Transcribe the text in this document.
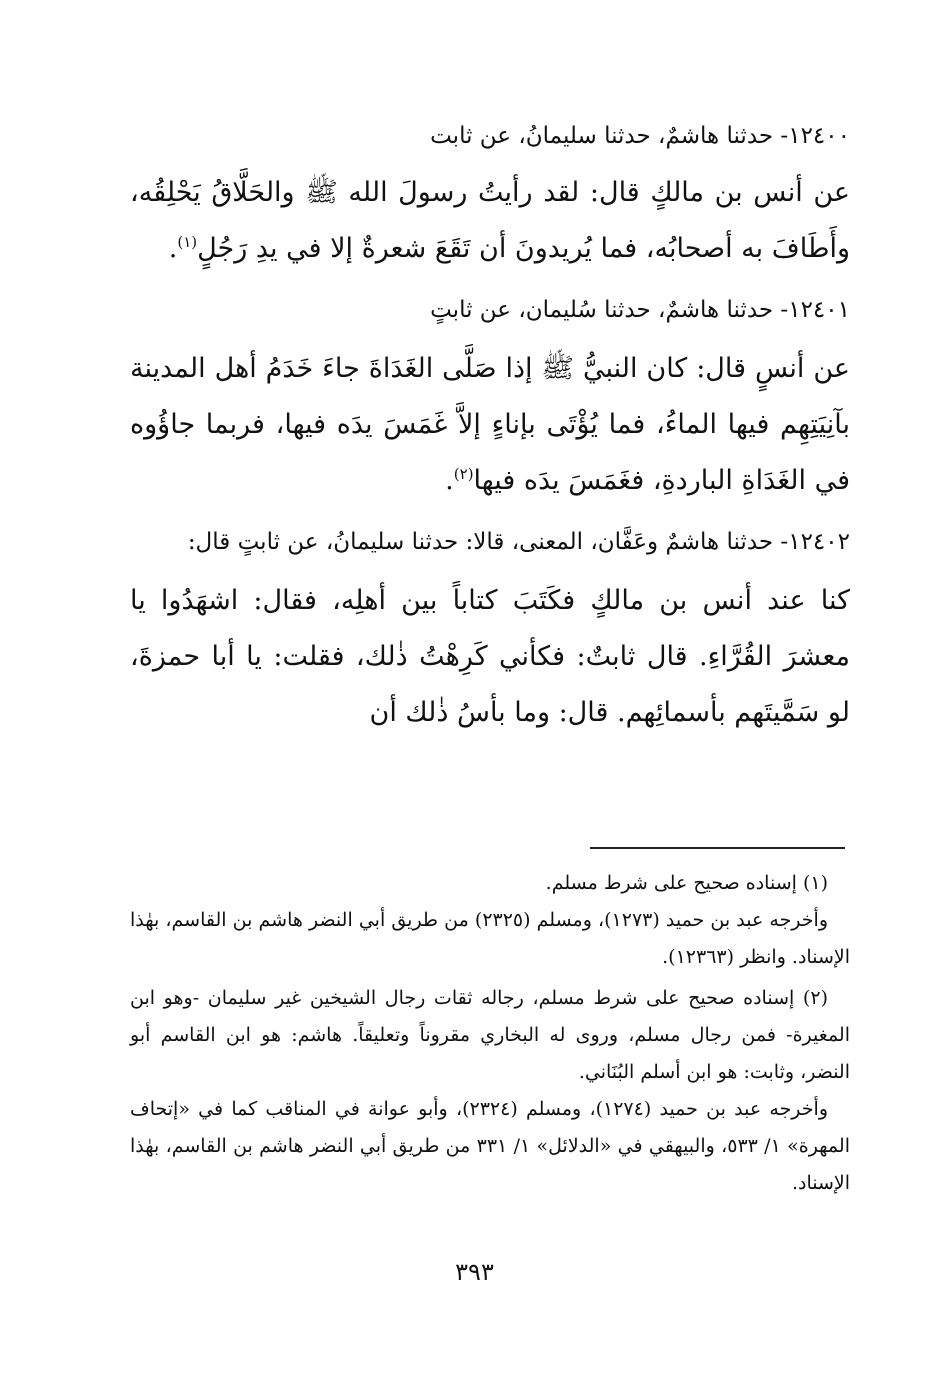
١٢٤٠٠- حدثنا هاشمٌ، حدثنا سليمانُ، عن ثابت

عن أنس بن مالكٍ قال: لقد رأيتُ رسولَ الله ﷺ والحَلَّاقُ يَحْلِقُه، وأَطَافَ به أصحابُه، فما يُريدونَ أن تَقَعَ شعرةٌ إلا في يدِ رَجُلٍ$^{(١)}$.

١٢٤٠١- حدثنا هاشمٌ، حدثنا سُليمان، عن ثابتٍ

عن أنسٍ قال: كان النبيُّ ﷺ إذا صَلَّى الغَدَاةَ جاءَ خَدَمُ أهل المدينة بآنِيَتِهِم فيها الماءُ، فما يُؤْتَى بإناءٍ إلاَّ غَمَسَ يدَه فيها، فربما جاؤُوه في الغَدَاةِ الباردةِ، فغَمَسَ يدَه فيها$^{(٢)}$.

١٢٤٠٢- حدثنا هاشمٌ وعَفَّان، المعنى، قالا: حدثنا سليمانُ، عن ثابتٍ قال:

كنا عند أنس بن مالكٍ فكَتَبَ كتاباً بين أهلِه، فقال: اشهَدُوا يا معشرَ القُرَّاءِ. قال ثابتٌ: فكأني كَرِهْتُ ذٰلك، فقلت: يا أبا حمزةَ، لو سَمَّيتَهم بأسمائِهم. قال: وما بأسُ ذٰلك أن

(١) إسناده صحيح على شرط مسلم.

وأخرجه عبد بن حميد (١٢٧٣)، ومسلم (٢٣٢٥) من طريق أبي النضر هاشم بن القاسم، بهٰذا الإسناد. وانظر (١٢٣٦٣).

(٢) إسناده صحيح على شرط مسلم، رجاله ثقات رجال الشيخين غير سليمان -وهو ابن المغيرة- فمن رجال مسلم، وروى له البخاري مقروناً وتعليقاً. هاشم: هو ابن القاسم أبو النضر، وثابت: هو ابن أسلم البُنَاني.

وأخرجه عبد بن حميد (١٢٧٤)، ومسلم (٢٣٢٤)، وأبو عوانة في المناقب كما في «إتحاف المهرة» ١/ ٥٣٣، والبيهقي في «الدلائل» ١/ ٣٣١ من طريق أبي النضر هاشم بن القاسم، بهٰذا الإسناد.

٣٩٣
